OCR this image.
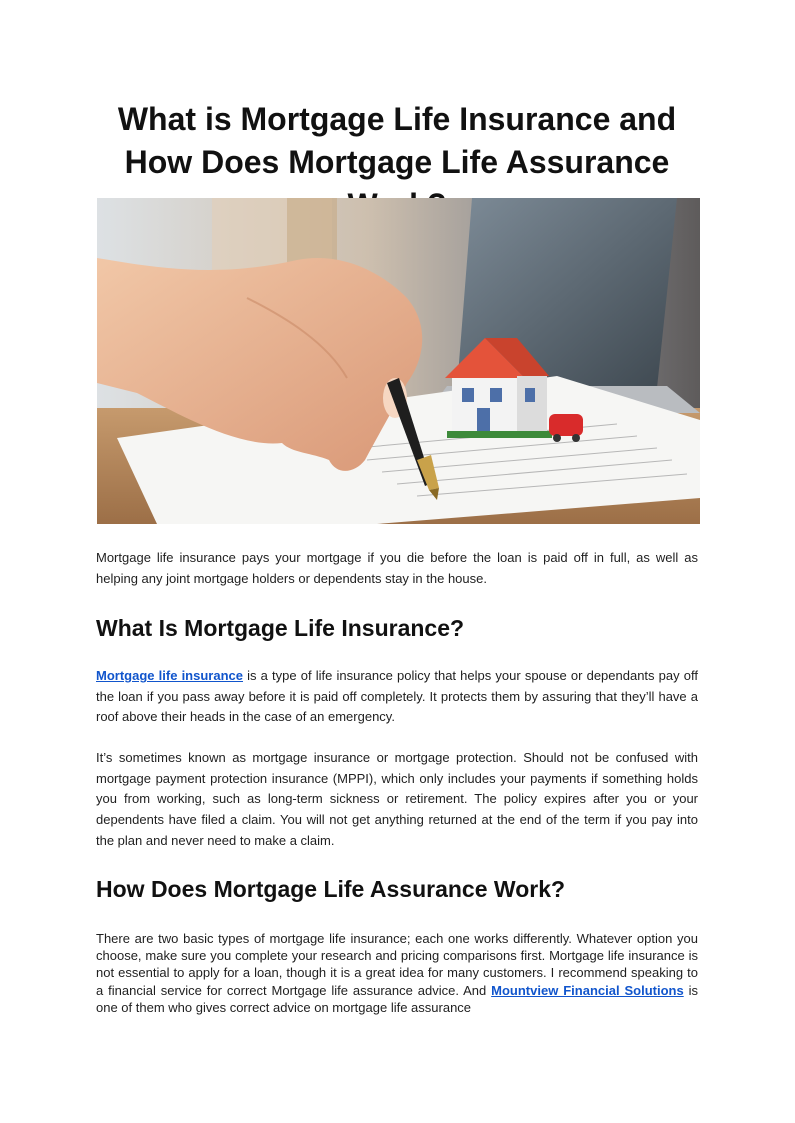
What is Mortgage Life Insurance and How Does Mortgage Life Assurance

Mortgage life insurance pays your mortgage if you die before the loan is paid off in full, as well as helping any joint mortgage holders or dependents stay in the house.

What Is Mortgage Life Insurance?

Mortgage life insurance is a type of life insurance policy that helps your spouse or dependants pay off the loan if you pass away before it is paid off completely. It protects them by assuring that they’ll have a roof above their heads in the case of an emergency.

It’s sometimes known as mortgage insurance or mortgage protection. Should not be confused with mortgage payment protection insurance (MPPI), which only includes your payments if something holds you from working, such as long-term sickness or retirement. The policy expires after you or your dependents have filed a claim. You will not get anything returned at the end of the term if you pay into the plan and never need to make a claim.

How Does Mortgage Life Assurance Work?

There are two basic types of mortgage life insurance; each one works differently. Whatever option you choose, make sure you complete your research and pricing comparisons first. Mortgage life insurance is not essential to apply for a loan, though it is a great idea for many customers. I recommend speaking to a financial service for correct Mortgage life assurance advice. And Mountview Financial Solutions is one of them who gives correct advice on mortgage life assurance
